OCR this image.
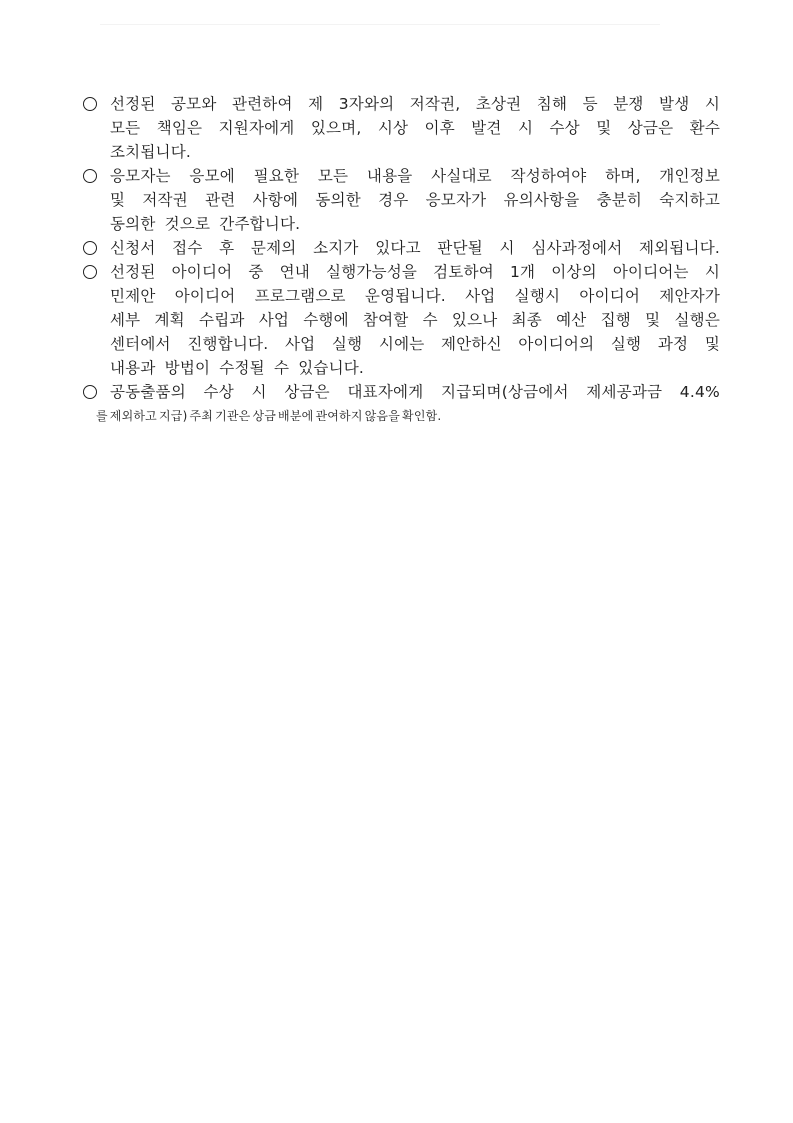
선정된 공모와 관련하여 제 3자와의 저작권, 초상권 침해 등 분쟁 발생 시
모든 책임은 지원자에게 있으며, 시상 이후 발견 시 수상 및 상금은 환수
조치됩니다.
응모자는 응모에 필요한 모든 내용을 사실대로 작성하여야 하며, 개인정보
및 저작권 관련 사항에 동의한 경우 응모자가 유의사항을 충분히 숙지하고
동의한 것으로 간주합니다.
신청서 접수 후 문제의 소지가 있다고 판단될 시 심사과정에서 제외됩니다.
선정된 아이디어 중 연내 실행가능성을 검토하여 1개 이상의 아이디어는 시
민제안 아이디어 프로그램으로 운영됩니다. 사업 실행시 아이디어 제안자가
세부 계획 수립과 사업 수행에 참여할 수 있으나 최종 예산 집행 및 실행은
센터에서 진행합니다. 사업 실행 시에는 제안하신 아이디어의 실행 과정 및
내용과 방법이 수정될 수 있습니다.
공동출품의 수상 시 상금은 대표자에게 지급되며(상금에서 제세공과금 4.4%
를 제외하고 지급) 주최 기관은 상금 배분에 관여하지 않음을 확인함.
